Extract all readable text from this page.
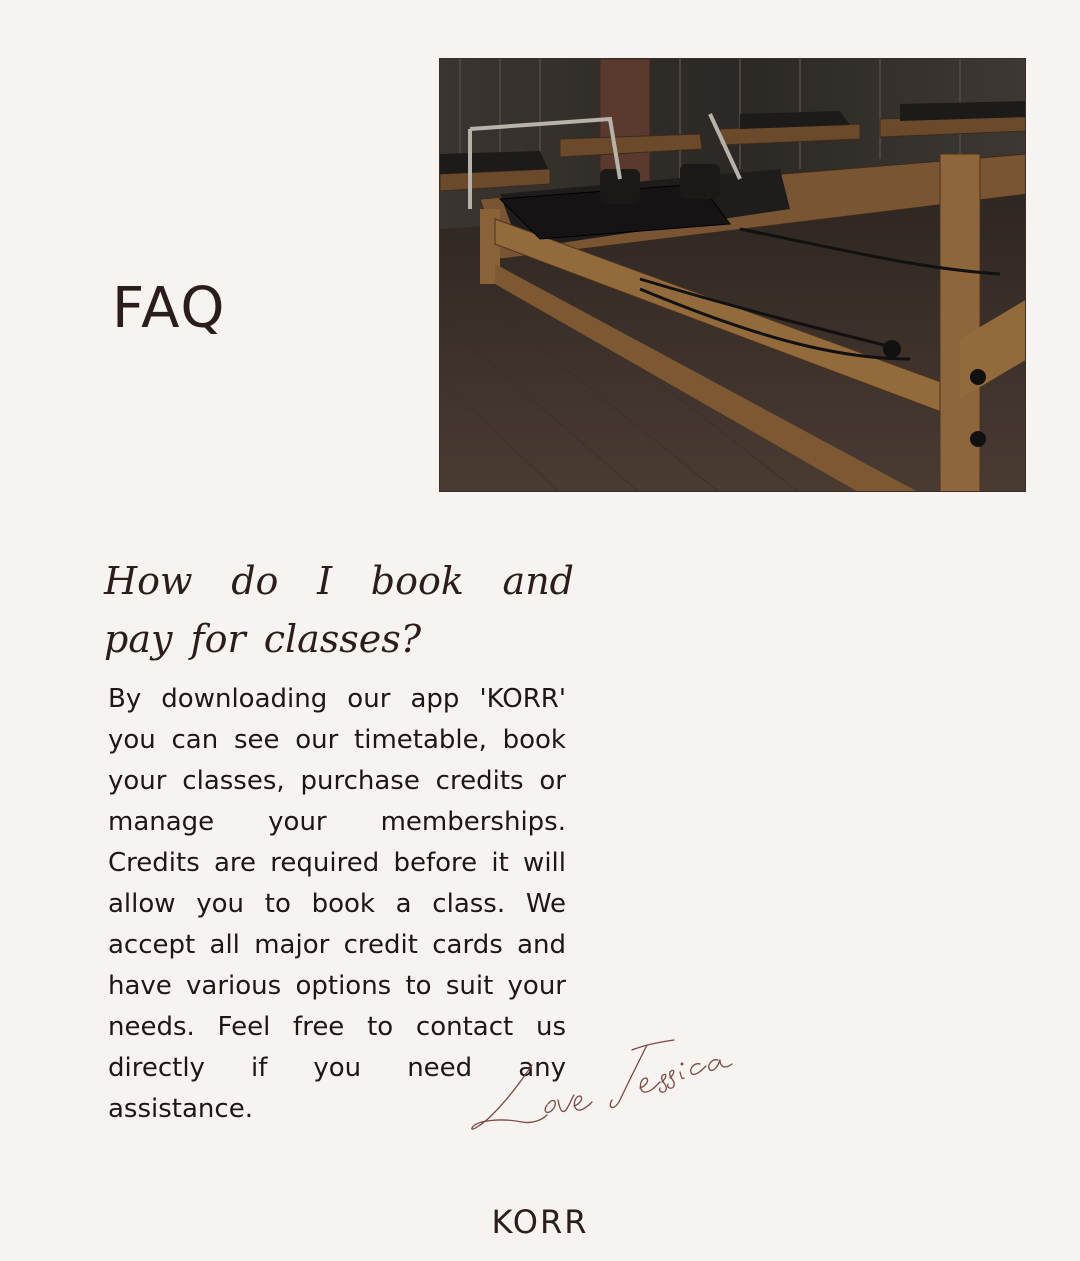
FAQ
How do I book and pay for classes?

By downloading our app 'KORR' you can see our timetable, book your classes, purchase credits or manage your memberships. Credits are required before it will allow you to book a class. We accept all major credit cards and have various options to suit your needs. Feel free to contact us directly if you need any assistance.

KORR
